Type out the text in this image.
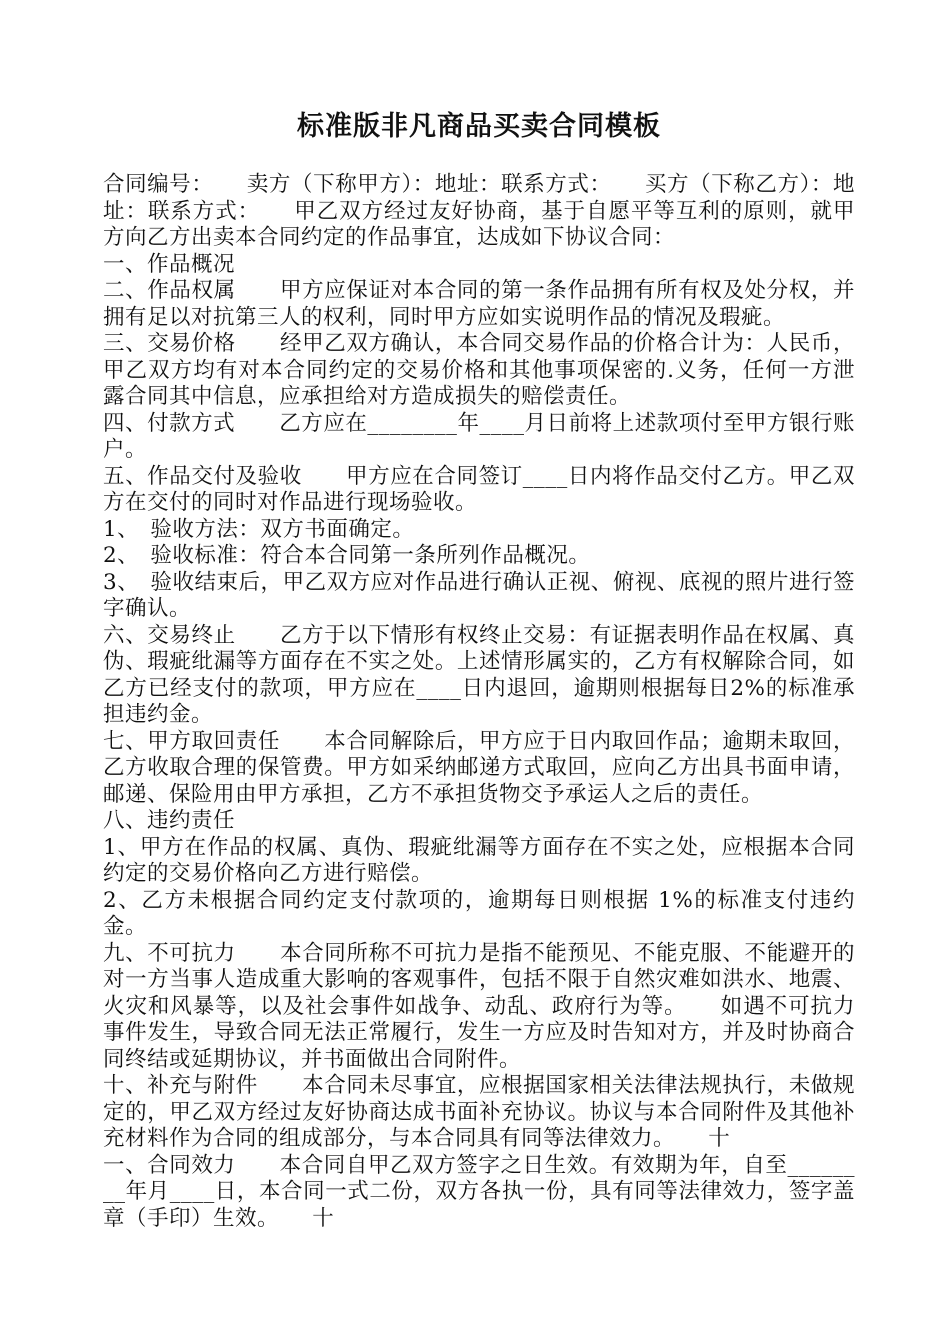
标准版非凡商品买卖合同模板

合同编号：　　卖方（下称甲方）：地址：联系方式：　　买方（下称乙方）：地址：联系方式：　　甲乙双方经过友好协商，基于自愿平等互利的原则，就甲方向乙方出卖本合同约定的作品事宜，达成如下协议合同：

一、作品概况

二、作品权属　　甲方应保证对本合同的第一条作品拥有所有权及处分权，并拥有足以对抗第三人的权利，同时甲方应如实说明作品的情况及瑕疵。

三、交易价格　　经甲乙双方确认，本合同交易作品的价格合计为：人民币，甲乙双方均有对本合同约定的交易价格和其他事项保密的.义务，任何一方泄露合同其中信息，应承担给对方造成损失的赔偿责任。

四、付款方式　　乙方应在________年____月日前将上述款项付至甲方银行账户。

五、作品交付及验收　　甲方应在合同签订____日内将作品交付乙方。甲乙双方在交付的同时对作品进行现场验收。

1、　验收方法：双方书面确定。

2、　验收标准：符合本合同第一条所列作品概况。

3、　验收结束后，甲乙双方应对作品进行确认正视、俯视、底视的照片进行签字确认。

六、交易终止　　乙方于以下情形有权终止交易：有证据表明作品在权属、真伪、瑕疵纰漏等方面存在不实之处。上述情形属实的，乙方有权解除合同，如乙方已经支付的款项，甲方应在____日内退回，逾期则根据每日2%的标准承担违约金。

七、甲方取回责任　　本合同解除后，甲方应于日内取回作品；逾期未取回，乙方收取合理的保管费。甲方如采纳邮递方式取回，应向乙方出具书面申请，邮递、保险用由甲方承担，乙方不承担货物交予承运人之后的责任。

八、违约责任

1、甲方在作品的权属、真伪、瑕疵纰漏等方面存在不实之处，应根据本合同约定的交易价格向乙方进行赔偿。

2、乙方未根据合同约定支付款项的，逾期每日则根据 1%的标准支付违约金。

九、不可抗力　　本合同所称不可抗力是指不能预见、不能克服、不能避开的对一方当事人造成重大影响的客观事件，包括不限于自然灾难如洪水、地震、火灾和风暴等，以及社会事件如战争、动乱、政府行为等。　　如遇不可抗力事件发生，导致合同无法正常履行，发生一方应及时告知对方，并及时协商合同终结或延期协议，并书面做出合同附件。

十、补充与附件　　本合同未尽事宜，应根据国家相关法律法规执行，未做规定的，甲乙双方经过友好协商达成书面补充协议。协议与本合同附件及其他补充材料作为合同的组成部分，与本合同具有同等法律效力。　　十

一、合同效力　　本合同自甲乙双方签字之日生效。有效期为年，自至________年月____日，本合同一式二份，双方各执一份，具有同等法律效力，签字盖章（手印）生效。　　十
